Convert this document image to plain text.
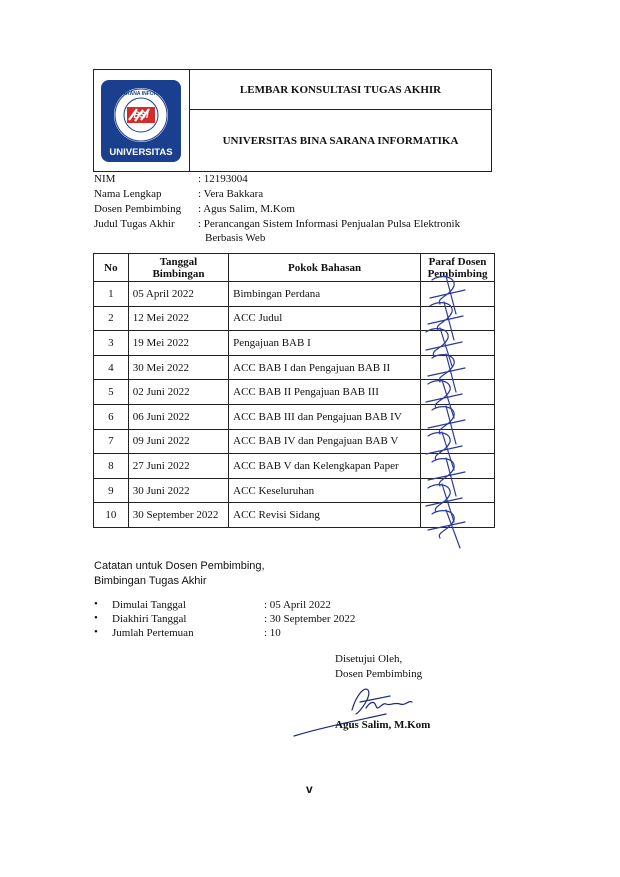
BINA SARANA INFORMATIKA
BSI
UNIVERSITAS
LEMBAR KONSULTASI TUGAS AKHIR
UNIVERSITAS BINA SARANA INFORMATIKA
NIM	: 12193004
Nama Lengkap	: Vera Bakkara
Dosen Pembimbing	: Agus Salim, M.Kom
Judul Tugas Akhir	: Perancangan Sistem Informasi Penjualan Pulsa Elektronik
Berbasis Web
No	Tanggal Bimbingan	Pokok Bahasan	Paraf Dosen Pembimbing
1	05 April 2022	Bimbingan Perdana	
2	12 Mei 2022	ACC Judul	
3	19 Mei 2022	Pengajuan BAB I	
4	30 Mei 2022	ACC BAB I dan Pengajuan BAB II	
5	02 Juni 2022	ACC BAB II Pengajuan BAB III	
6	06 Juni 2022	ACC BAB III dan Pengajuan BAB IV	
7	09 Juni 2022	ACC BAB IV dan Pengajuan BAB V	
8	27 Juni 2022	ACC BAB V dan Kelengkapan Paper	
9	30 Juni 2022	ACC Keseluruhan	
10	30 September 2022	ACC Revisi Sidang	
Catatan untuk Dosen Pembimbing,
Bimbingan Tugas Akhir
• Dimulai Tanggal	: 05 April 2022
• Diakhiri Tanggal	: 30 September 2022
• Jumlah Pertemuan	: 10
Disetujui Oleh,
Dosen Pembimbing
Agus Salim, M.Kom
v
